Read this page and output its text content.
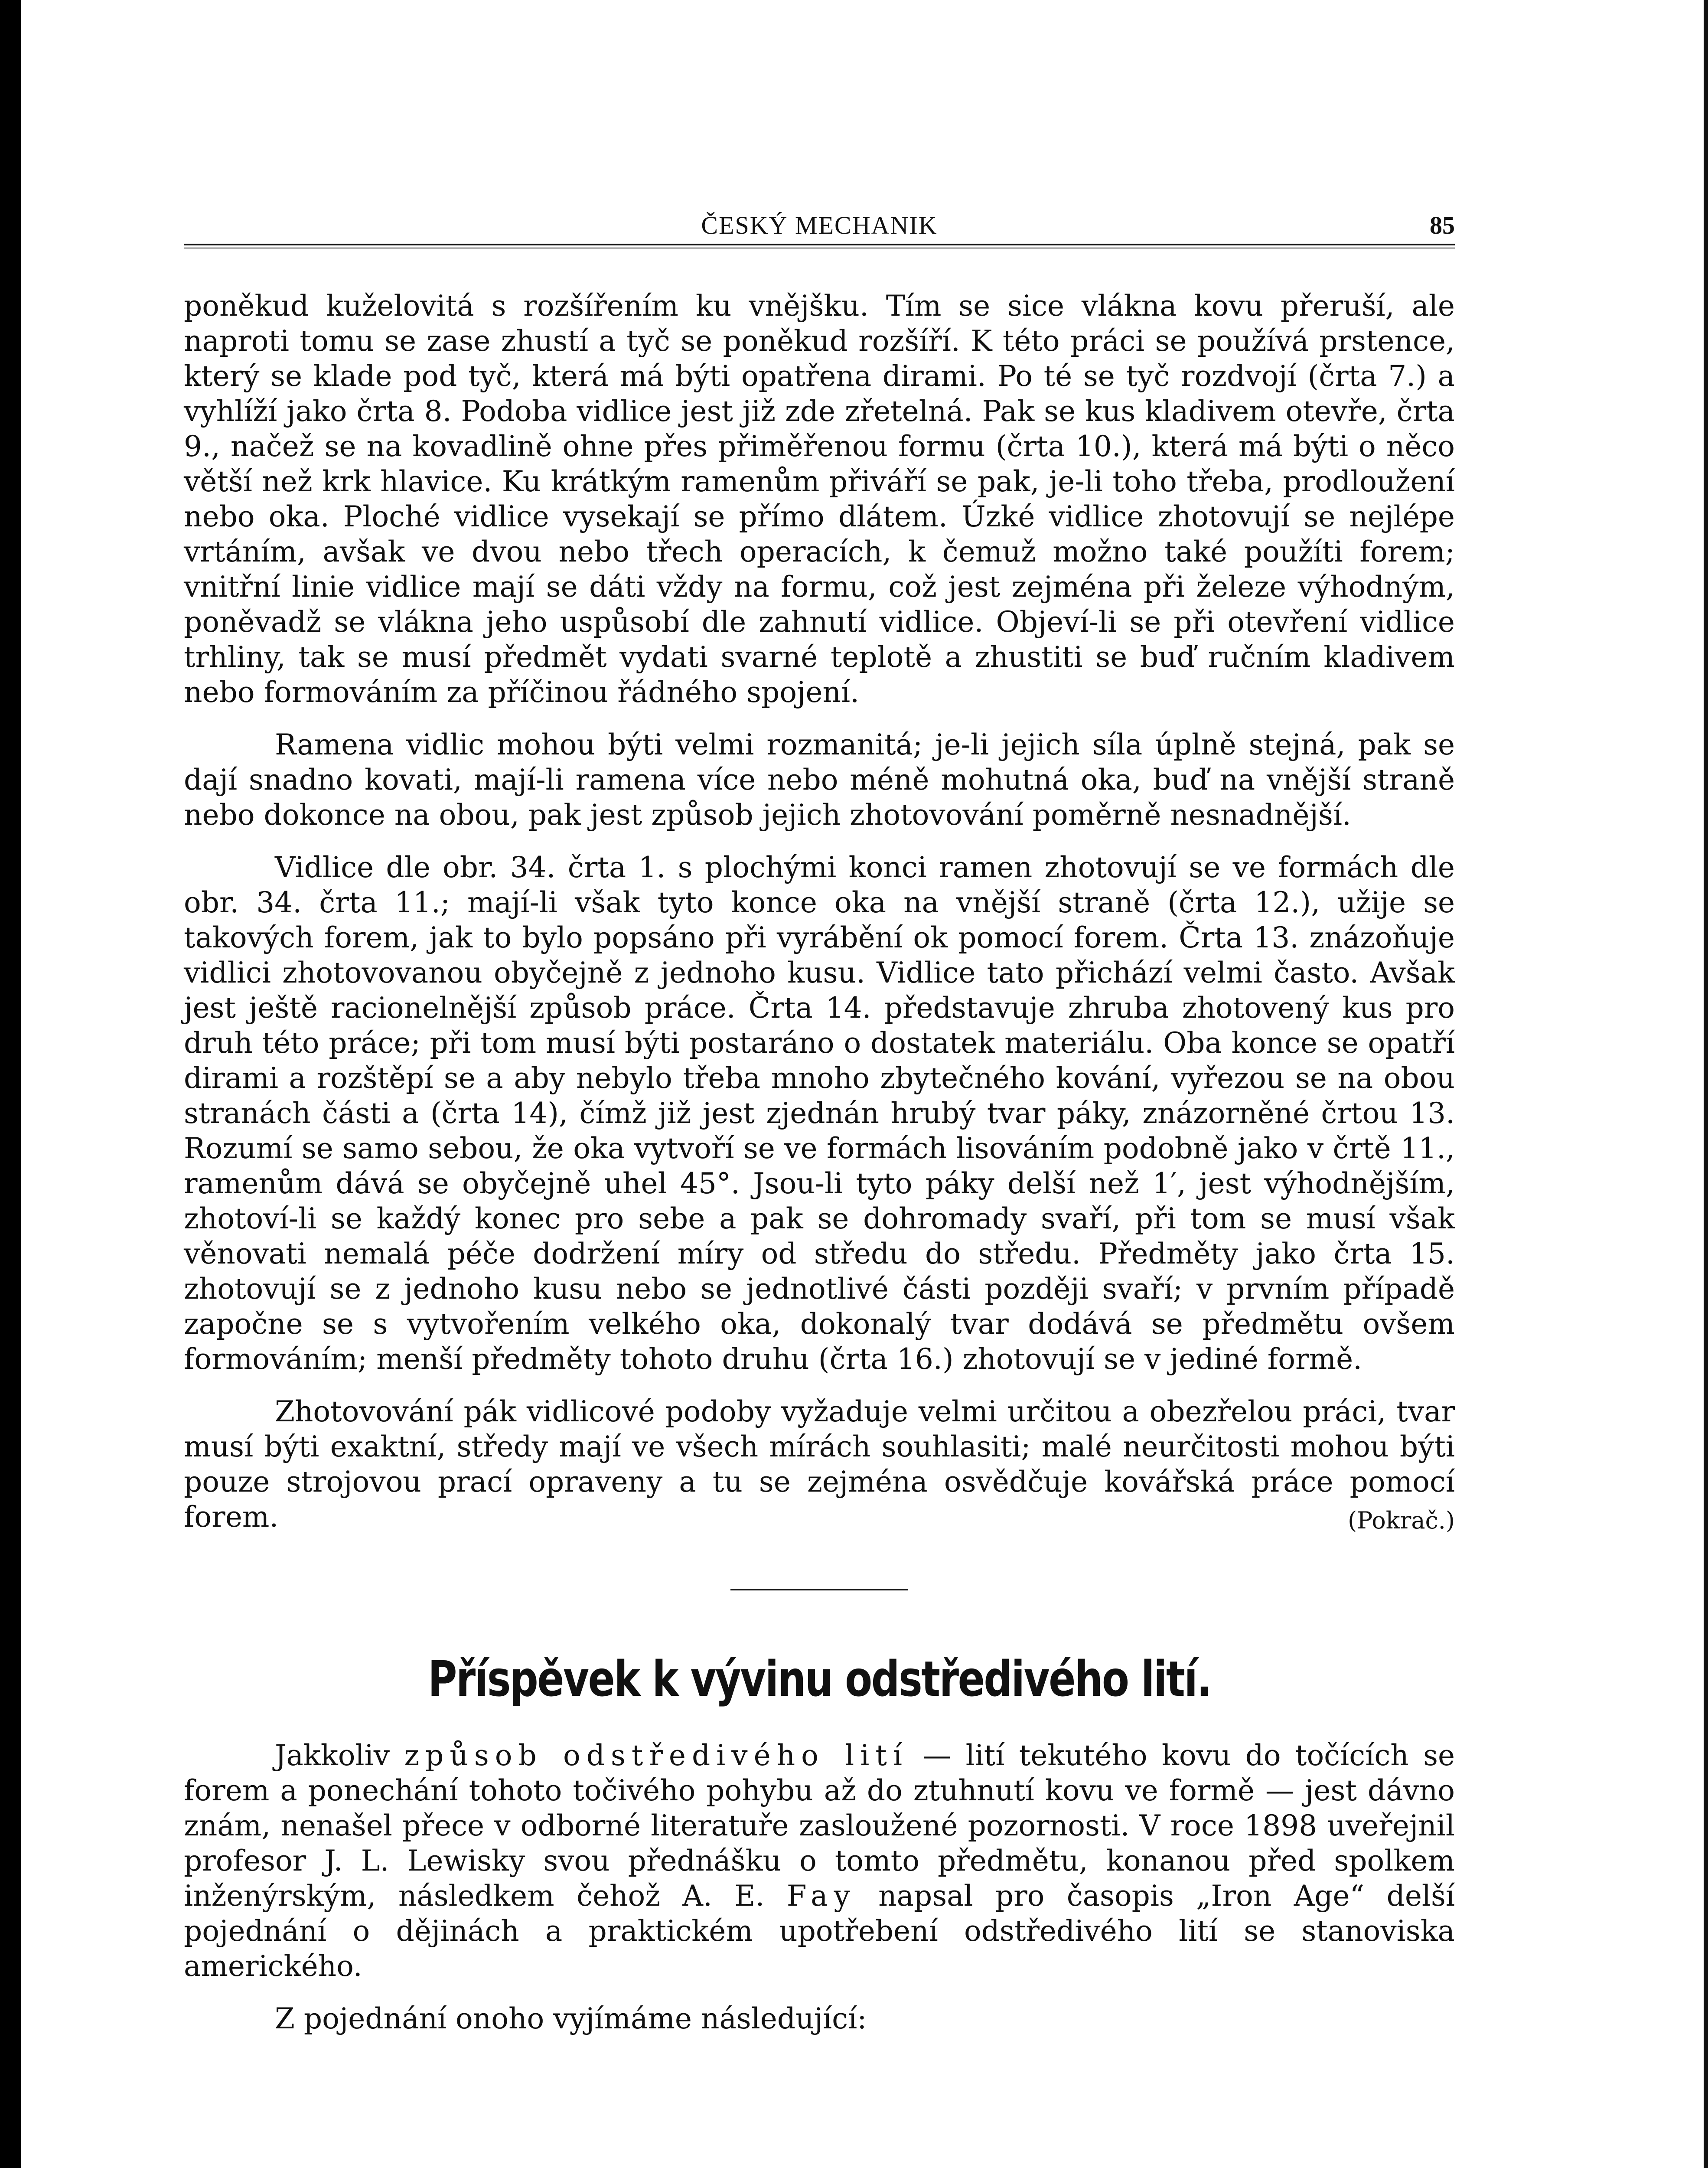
ČESKÝ MECHANIK	85

poněkud kuželovitá s rozšířením ku vnějšku. Tím se sice vlákna kovu přeruší, ale naproti tomu se zase zhustí a tyč se poněkud rozšíří. K této práci se používá prstence, který se klade pod tyč, která má býti opatřena dirami. Po té se tyč rozdvojí (črta 7.) a vyhlíží jako črta 8. Podoba vidlice jest již zde zřetelná. Pak se kus kladivem otevře, črta 9., načež se na kovadlině ohne přes přiměřenou formu (črta 10.), která má býti o něco větší než krk hlavice. Ku krátkým ramenům přiváří se pak, je-li toho třeba, prodloužení nebo oka. Ploché vidlice vysekají se přímo dlátem. Úzké vidlice zhotovují se nejlépe vrtáním, avšak ve dvou nebo třech operacích, k čemuž možno také použíti forem; vnitřní linie vidlice mají se dáti vždy na formu, což jest zejména při železe výhodným, poněvadž se vlákna jeho uspůsobí dle zahnutí vidlice. Objeví-li se při otevření vidlice trhliny, tak se musí předmět vydati svarné teplotě a zhustiti se buď ručním kladivem nebo formováním za příčinou řádného spojení.

Ramena vidlic mohou býti velmi rozmanitá; je-li jejich síla úplně stejná, pak se dají snadno kovati, mají-li ramena více nebo méně mohutná oka, buď na vnější straně nebo dokonce na obou, pak jest způsob jejich zhotovování poměrně nesnadnější.

Vidlice dle obr. 34. črta 1. s plochými konci ramen zhotovují se ve formách dle obr. 34. črta 11.; mají-li však tyto konce oka na vnější straně (črta 12.), užije se takových forem, jak to bylo popsáno při vyrábění ok pomocí forem. Črta 13. znázoňuje vidlici zhotovovanou obyčejně z jednoho kusu. Vidlice tato přichází velmi často. Avšak jest ještě racionelnější způsob práce. Črta 14. představuje zhruba zhotovený kus pro druh této práce; při tom musí býti postaráno o dostatek materiálu. Oba konce se opatří dirami a rozštěpí se a aby nebylo třeba mnoho zbytečného kování, vyřezou se na obou stranách části a (črta 14), čímž již jest zjednán hrubý tvar páky, znázorněné črtou 13. Rozumí se samo sebou, že oka vytvoří se ve formách lisováním podobně jako v črtě 11., ramenům dává se obyčejně uhel 45°. Jsou-li tyto páky delší než 1′, jest výhodnějším, zhotoví-li se každý konec pro sebe a pak se dohromady svaří, při tom se musí však věnovati nemalá péče dodržení míry od středu do středu. Předměty jako črta 15. zhotovují se z jednoho kusu nebo se jednotlivé části později svaří; v prvním případě započne se s vytvořením velkého oka, dokonalý tvar dodává se předmětu ovšem formováním; menší předměty tohoto druhu (črta 16.) zhotovují se v jediné formě.

Zhotovování pák vidlicové podoby vyžaduje velmi určitou a obezřelou práci, tvar musí býti exaktní, středy mají ve všech mírách souhlasiti; malé neurčitosti mohou býti pouze strojovou prací opraveny a tu se zejména osvědčuje kovářská práce pomocí forem.	(Pokrač.)

Příspěvek k vývinu odstředivého lití.

Jakkoliv způsob odstředivého lití — lití tekutého kovu do točících se forem a ponechání tohoto točivého pohybu až do ztuhnutí kovu ve formě — jest dávno znám, nenašel přece v odborné literatuře zasloužené pozornosti. V roce 1898 uveřejnil profesor J. L. Lewisky svou přednášku o tomto předmětu, konanou před spolkem inženýrským, následkem čehož A. E. Fay napsal pro časopis „Iron Age“ delší pojednání o dějinách a praktickém upotřebení odstředivého lití se stanoviska amerického.

Z pojednání onoho vyjímáme následující:
